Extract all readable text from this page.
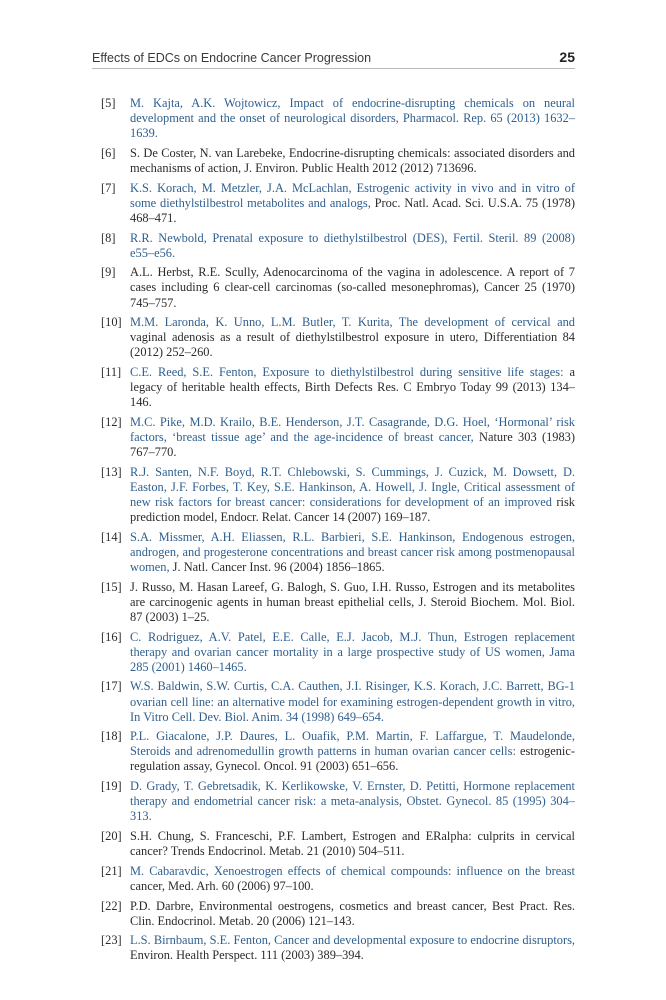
Effects of EDCs on Endocrine Cancer Progression	25
[5] M. Kajta, A.K. Wojtowicz, Impact of endocrine-disrupting chemicals on neural development and the onset of neurological disorders, Pharmacol. Rep. 65 (2013) 1632–1639.
[6] S. De Coster, N. van Larebeke, Endocrine-disrupting chemicals: associated disorders and mechanisms of action, J. Environ. Public Health 2012 (2012) 713696.
[7] K.S. Korach, M. Metzler, J.A. McLachlan, Estrogenic activity in vivo and in vitro of some diethylstilbestrol metabolites and analogs, Proc. Natl. Acad. Sci. U.S.A. 75 (1978) 468–471.
[8] R.R. Newbold, Prenatal exposure to diethylstilbestrol (DES), Fertil. Steril. 89 (2008) e55–e56.
[9] A.L. Herbst, R.E. Scully, Adenocarcinoma of the vagina in adolescence. A report of 7 cases including 6 clear-cell carcinomas (so-called mesonephromas), Cancer 25 (1970) 745–757.
[10] M.M. Laronda, K. Unno, L.M. Butler, T. Kurita, The development of cervical and vaginal adenosis as a result of diethylstilbestrol exposure in utero, Differentiation 84 (2012) 252–260.
[11] C.E. Reed, S.E. Fenton, Exposure to diethylstilbestrol during sensitive life stages: a legacy of heritable health effects, Birth Defects Res. C Embryo Today 99 (2013) 134–146.
[12] M.C. Pike, M.D. Krailo, B.E. Henderson, J.T. Casagrande, D.G. Hoel, ‘Hormonal’ risk factors, ‘breast tissue age’ and the age-incidence of breast cancer, Nature 303 (1983) 767–770.
[13] R.J. Santen, N.F. Boyd, R.T. Chlebowski, S. Cummings, J. Cuzick, M. Dowsett, D. Easton, J.F. Forbes, T. Key, S.E. Hankinson, A. Howell, J. Ingle, Critical assessment of new risk factors for breast cancer: considerations for development of an improved risk prediction model, Endocr. Relat. Cancer 14 (2007) 169–187.
[14] S.A. Missmer, A.H. Eliassen, R.L. Barbieri, S.E. Hankinson, Endogenous estrogen, androgen, and progesterone concentrations and breast cancer risk among postmenopausal women, J. Natl. Cancer Inst. 96 (2004) 1856–1865.
[15] J. Russo, M. Hasan Lareef, G. Balogh, S. Guo, I.H. Russo, Estrogen and its metabolites are carcinogenic agents in human breast epithelial cells, J. Steroid Biochem. Mol. Biol. 87 (2003) 1–25.
[16] C. Rodriguez, A.V. Patel, E.E. Calle, E.J. Jacob, M.J. Thun, Estrogen replacement therapy and ovarian cancer mortality in a large prospective study of US women, Jama 285 (2001) 1460–1465.
[17] W.S. Baldwin, S.W. Curtis, C.A. Cauthen, J.I. Risinger, K.S. Korach, J.C. Barrett, BG-1 ovarian cell line: an alternative model for examining estrogen-dependent growth in vitro, In Vitro Cell. Dev. Biol. Anim. 34 (1998) 649–654.
[18] P.L. Giacalone, J.P. Daures, L. Ouafik, P.M. Martin, F. Laffargue, T. Maudelonde, Steroids and adrenomedullin growth patterns in human ovarian cancer cells: estrogenic-regulation assay, Gynecol. Oncol. 91 (2003) 651–656.
[19] D. Grady, T. Gebretsadik, K. Kerlikowske, V. Ernster, D. Petitti, Hormone replacement therapy and endometrial cancer risk: a meta-analysis, Obstet. Gynecol. 85 (1995) 304–313.
[20] S.H. Chung, S. Franceschi, P.F. Lambert, Estrogen and ERalpha: culprits in cervical cancer? Trends Endocrinol. Metab. 21 (2010) 504–511.
[21] M. Cabaravdic, Xenoestrogen effects of chemical compounds: influence on the breast cancer, Med. Arh. 60 (2006) 97–100.
[22] P.D. Darbre, Environmental oestrogens, cosmetics and breast cancer, Best Pract. Res. Clin. Endocrinol. Metab. 20 (2006) 121–143.
[23] L.S. Birnbaum, S.E. Fenton, Cancer and developmental exposure to endocrine disruptors, Environ. Health Perspect. 111 (2003) 389–394.
